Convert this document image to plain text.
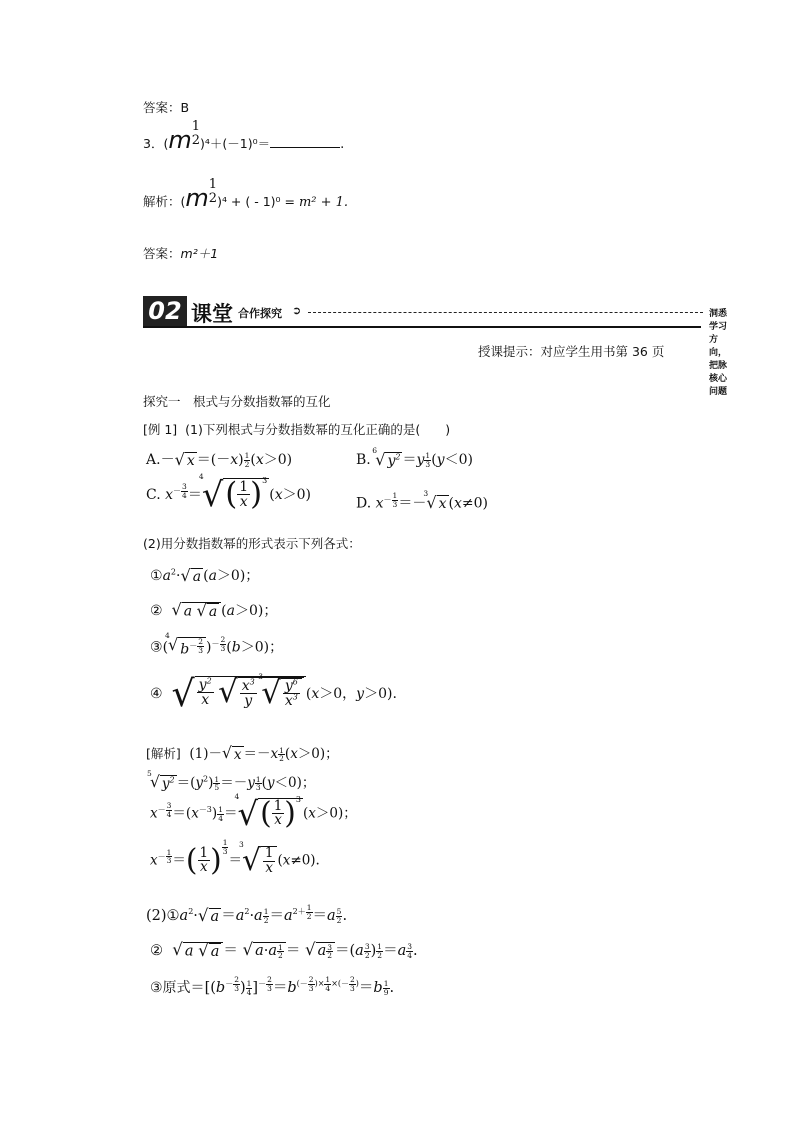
答案：B
3．(m 1
2 )⁴＋(－1)⁰＝	.
解析：(m 1
2 )⁴ + ( - 1)⁰ = m² + 1.
答案：m²＋1
02 课堂 合作探究 ➲	洞悉学习方向，把脉核心问题
授课提示：对应学生用书第 36 页
探究一　根式与分数指数幂的互化
[例 1] (1)下列根式与分数指数幂的互化正确的是(　　)
A.－ √ $x =(-x) \frac{1}{2} (x>0)$	B.
6
√ $y^2 =y \frac{1}{3} (y<0)$
C. $x^{- \frac{3}{4}}$ ＝
4
√ ( $\frac{1}{x} )^3$
(x＞0)
D. $x^{- \frac{1}{3}}$ ＝－
3
√ x (x≠0)
(2)用分数指数幂的形式表示下列各式：
$①a^2\cdot$ √ a (a＞0)；
② √ a √ a (a＞0)；
③(
4
√ $b^{- \frac{2}{3}}$ )$^{- \frac{2}{3}}$ (b＞0)；
④ √ $\frac{y^2}{x}$
√ $\frac{x^3}{y}$

3
√ $\frac{y^6}{x^3} (x>0$，y＞0).
[解析]  (1)－ √ $x =-x \frac{1}{2} (x>0)$；
5
√ $y^2 =(y^2) \frac{1}{5} =-y \frac{1}{3} (y<0)$；
$x^{- \frac{3}{4}} =(x^{-3}) \frac{1}{4}$ ＝
4
√ ( $\frac{1}{x} )^3$
(x＞0)；
$x^{- \frac{1}{3}}$ ＝( $\frac{1}{x}$ ) $^{\frac{1}{3}}$
＝
3
√ $\frac{1}{x} (x\ne 0)$.
$(2)①a^2\cdot$ √ $a =a^2\cdot a \frac{1}{2} =a^{2+ \frac{1}{2}} =a \frac{5}{2}$ .
② √ a √ a ＝ √ $a\cdot a \frac{1}{2}$ ＝ √ a $\frac{3}{2} =(a \frac{3}{2}$ ) $\frac{1}{2} =a \frac{3}{4}$ .
③原式$=[(b^{- \frac{2}{3}}$ ) $\frac{1}{4} ]^{- \frac{2}{3}} =b^{(- \frac{2}{3} )\times \frac{1}{4} \times(- \frac{2}{3} )}=b \frac{1}{9}$ .
